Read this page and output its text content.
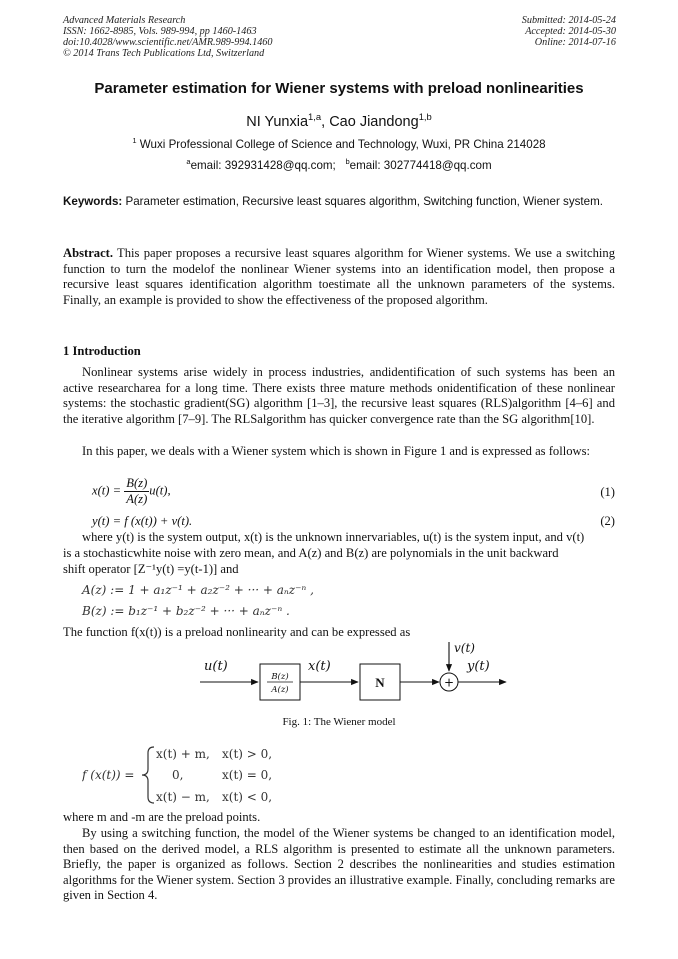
Advanced Materials Research
ISSN: 1662-8985, Vols. 989-994, pp 1460-1463
doi:10.4028/www.scientific.net/AMR.989-994.1460
© 2014 Trans Tech Publications Ltd, Switzerland
Submitted: 2014-05-24
Accepted: 2014-05-30
Online: 2014-07-16
Parameter estimation for Wiener systems with preload nonlinearities
NI Yunxia$^{1,a}$, Cao Jiandong$^{1,b}$
$^1$ Wuxi Professional College of Science and Technology, Wuxi, PR China 214028
$^a$email: 392931428@qq.com; $^b$email: 302774418@qq.com
Keywords: Parameter estimation, Recursive least squares algorithm, Switching function, Wiener system.

Abstract. This paper proposes a recursive least squares algorithm for Wiener systems. We use a switching function to turn the modelof the nonlinear Wiener systems into an identification model, then propose a recursive least squares identification algorithm toestimate all the unknown parameters of the systems. Finally, an example is provided to show the effectiveness of the proposed algorithm.

1 Introduction

Nonlinear systems arise widely in process industries, andidentification of such systems has been an active researcharea for a long time. There exists three mature methods onidentification of these nonlinear systems: the stochastic gradient(SG) algorithm [1–3], the recursive least squares (RLS)algorithm [4–6] and the iterative algorithm [7–9]. The RLSalgorithm has quicker convergence rate than the SG algorithm[10].

In this paper, we deals with a Wiener system which is shown in Figure 1 and is expressed as follows:

$x(t) = \frac{B(z)}{A(z)} u(t)$,	(1)
y(t) = f (x(t)) + v(t).	(2)
where y(t) is the system output, x(t) is the unknown innervariables, u(t) is the system input, and v(t)
is a stochasticwhite noise with zero mean, and A(z) and B(z) are polynomials in the unit backward
shift operator [Z⁻¹y(t) =y(t-1)] and
A(z) := 1 + a₁z⁻¹ + a₂z⁻² + ··· + aₙz⁻ⁿ ,
B(z) := b₁z⁻¹ + b₂z⁻² + ··· + aₙz⁻ⁿ .
The function f(x(t)) is a preload nonlinearity and can be expressed as
u(t)
B(z)
A(z)
x(t)
N	+
v(t)
y(t)
Fig. 1: The Wiener model
f (x(t)) =
x(t) + m, x(t) > 0,
0,	x(t) = 0,
x(t) − m, x(t) < 0,
where m and -m are the preload points.

By using a switching function, the model of the Wiener systems be changed to an identification model, then based on the derived model, a RLS algorithm is presented to estimate all the unknown parameters. Briefly, the paper is organized as follows. Section 2 describes the nonlinearities and studies estimation algorithms for the Wiener system. Section 3 provides an illustrative example. Finally, concluding remarks are given in Section 4.
